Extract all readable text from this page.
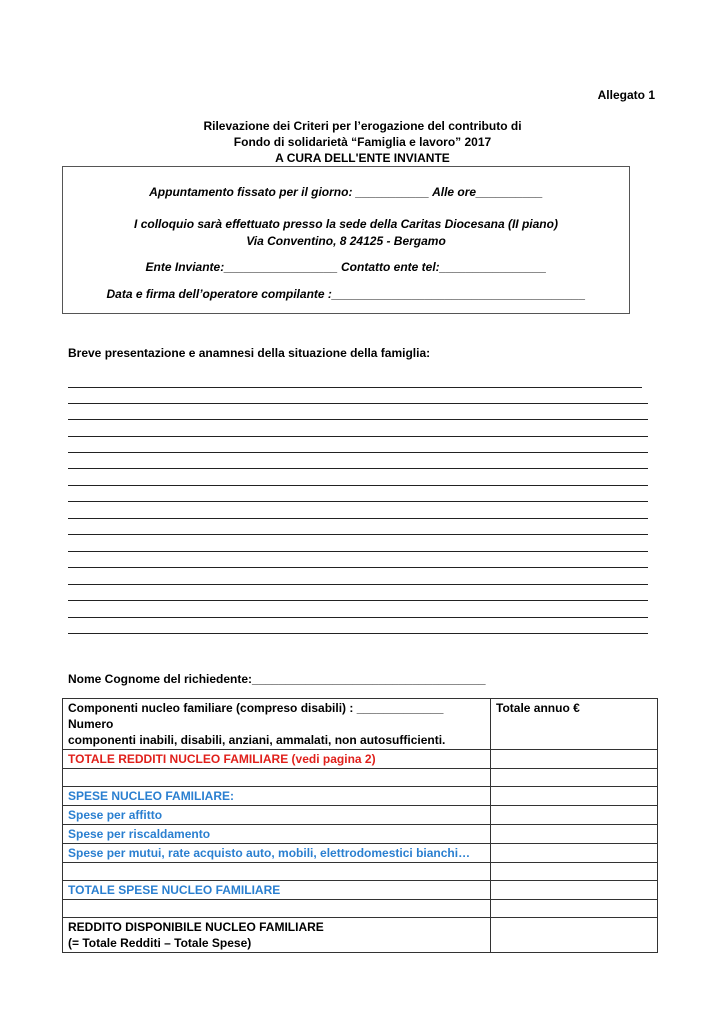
Allegato 1
Rilevazione dei Criteri per l’erogazione del contributo di
Fondo di solidarietà “Famiglia e lavoro” 2017
A CURA DELL'ENTE INVIANTE
Appuntamento fissato per il giorno: ___________ Alle ore__________
I colloquio sarà effettuato presso la sede della Caritas Diocesana (II piano)
Via Conventino, 8 24125 - Bergamo
Ente Inviante:_________________ Contatto ente tel:________________
Data e firma dell’operatore compilante :______________________________________
Breve presentazione e anamnesi della situazione della famiglia:
Nome Cognome del richiedente:___________________________________
Componenti nucleo familiare (compreso disabili) : _____________ Numero
componenti inabili, disabili, anziani, ammalati, non autosufficienti.	Totale annuo €
TOTALE REDDITI NUCLEO FAMILIARE (vedi pagina 2)	

SPESE NUCLEO FAMILIARE:	
Spese per affitto	
Spese per riscaldamento	
Spese per mutui, rate acquisto auto, mobili, elettrodomestici bianchi…	

TOTALE SPESE NUCLEO FAMILIARE	

REDDITO DISPONIBILE NUCLEO FAMILIARE
(= Totale Redditi – Totale Spese)	
